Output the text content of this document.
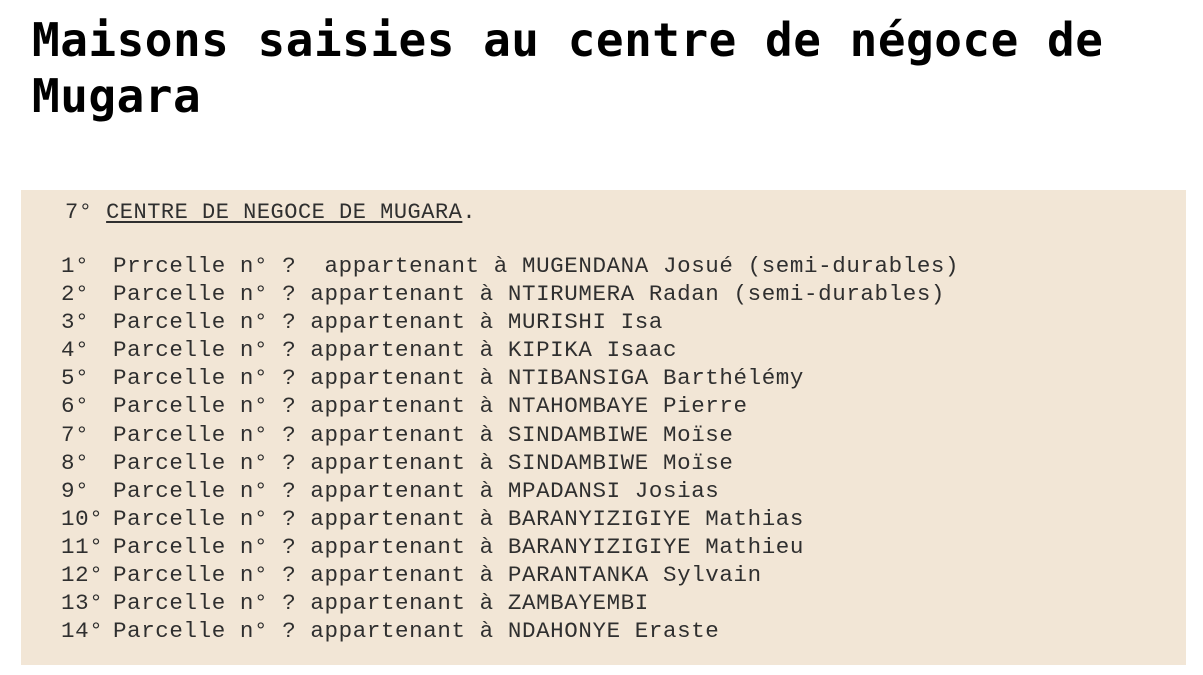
Maisons saisies au centre de négoce de Mugara
7° CENTRE DE NEGOCE DE MUGARA.
1° Prrcelle n° ?  appartenant à MUGENDANA Josué (semi-durables)
2° Parcelle n° ? appartenant à NTIRUMERA Radan (semi-durables)
3° Parcelle n° ? appartenant à MURISHI Isa
4° Parcelle n° ? appartenant à KIPIKA Isaac
5° Parcelle n° ? appartenant à NTIBANSIGA Barthélémy
6° Parcelle n° ? appartenant à NTAHOMBAYE Pierre
7° Parcelle n° ? appartenant à SINDAMBIWE Moïse
8° Parcelle n° ? appartenant à SINDAMBIWE Moïse
9° Parcelle n° ? appartenant à MPADANSI Josias
10° Parcelle n° ? appartenant à BARANYIZIGIYE Mathias
11° Parcelle n° ? appartenant à BARANYIZIGIYE Mathieu
12° Parcelle n° ? appartenant à PARANTANKA Sylvain
13° Parcelle n° ? appartenant à ZAMBAYEMBI
14° Parcelle n° ? appartenant à NDAHONYE Eraste
